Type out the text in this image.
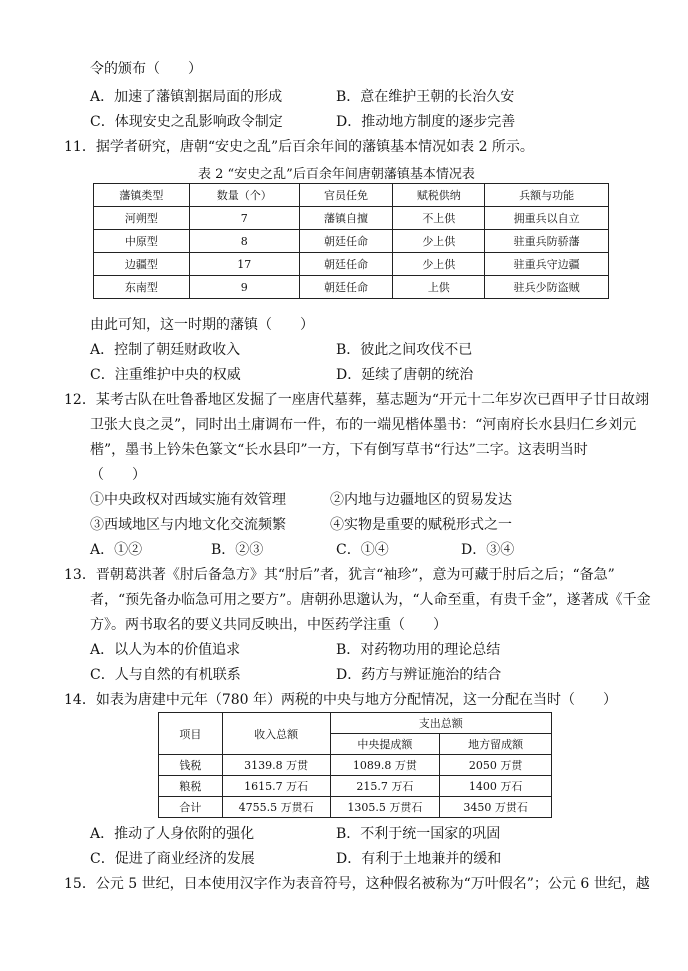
令的颁布（　　）
A．加速了藩镇割据局面的形成	B．意在维护王朝的长治久安
C．体现安史之乱影响政令制定	D．推动地方制度的逐步完善
11．据学者研究，唐朝“安史之乱”后百余年间的藩镇基本情况如表 2 所示。
表 2 “安史之乱”后百余年间唐朝藩镇基本情况表
藩镇类型	数量（个）	官员任免	赋税供纳	兵额与功能
河朔型	7	藩镇自擅	不上供	拥重兵以自立
中原型	8	朝廷任命	少上供	驻重兵防骄藩
边疆型	17	朝廷任命	少上供	驻重兵守边疆
东南型	9	朝廷任命	上供	驻兵少防盗贼
由此可知，这一时期的藩镇（　　）
A．控制了朝廷财政收入	B．彼此之间攻伐不已
C．注重维护中央的权威	D．延续了唐朝的统治
12．某考古队在吐鲁番地区发掘了一座唐代墓葬，墓志题为“开元十二年岁次已酉甲子廿日故翊
卫张大良之灵”，同时出土庸调布一件，布的一端见楷体墨书：“河南府长水县归仁乡刘元
楷”，墨书上钤朱色篆文“长水县印”一方，下有倒写草书“行达”二字。这表明当时
（　　）
①中央政权对西域实施有效管理	②内地与边疆地区的贸易发达
③西域地区与内地文化交流频繁	④实物是重要的赋税形式之一
A．①②	B．②③	C．①④	D．③④
13．晋朝葛洪著《肘后备急方》其“肘后”者，犹言“袖珍”，意为可藏于肘后之后；“备急”
者，“预先备办临急可用之要方”。唐朝孙思邈认为，“人命至重，有贵千金”，遂著成《千金
方》。两书取名的要义共同反映出，中医药学注重（　　）
A．以人为本的价值追求	B．对药物功用的理论总结
C．人与自然的有机联系	D．药方与辨证施治的结合
14．如表为唐建中元年（780 年）两税的中央与地方分配情况，这一分配在当时（　　）
项目	收入总额	支出总额	
		中央提成额	地方留成额
钱税	3139.8 万贯	1089.8 万贯	2050 万贯
粮税	1615.7 万石	215.7 万石	1400 万石
合计	4755.5 万贯石	1305.5 万贯石	3450 万贯石
A．推动了人身依附的强化	B．不利于统一国家的巩固
C．促进了商业经济的发展	D．有利于土地兼并的缓和
15．公元 5 世纪，日本使用汉字作为表音符号，这种假名被称为“万叶假名”；公元 6 世纪，越
